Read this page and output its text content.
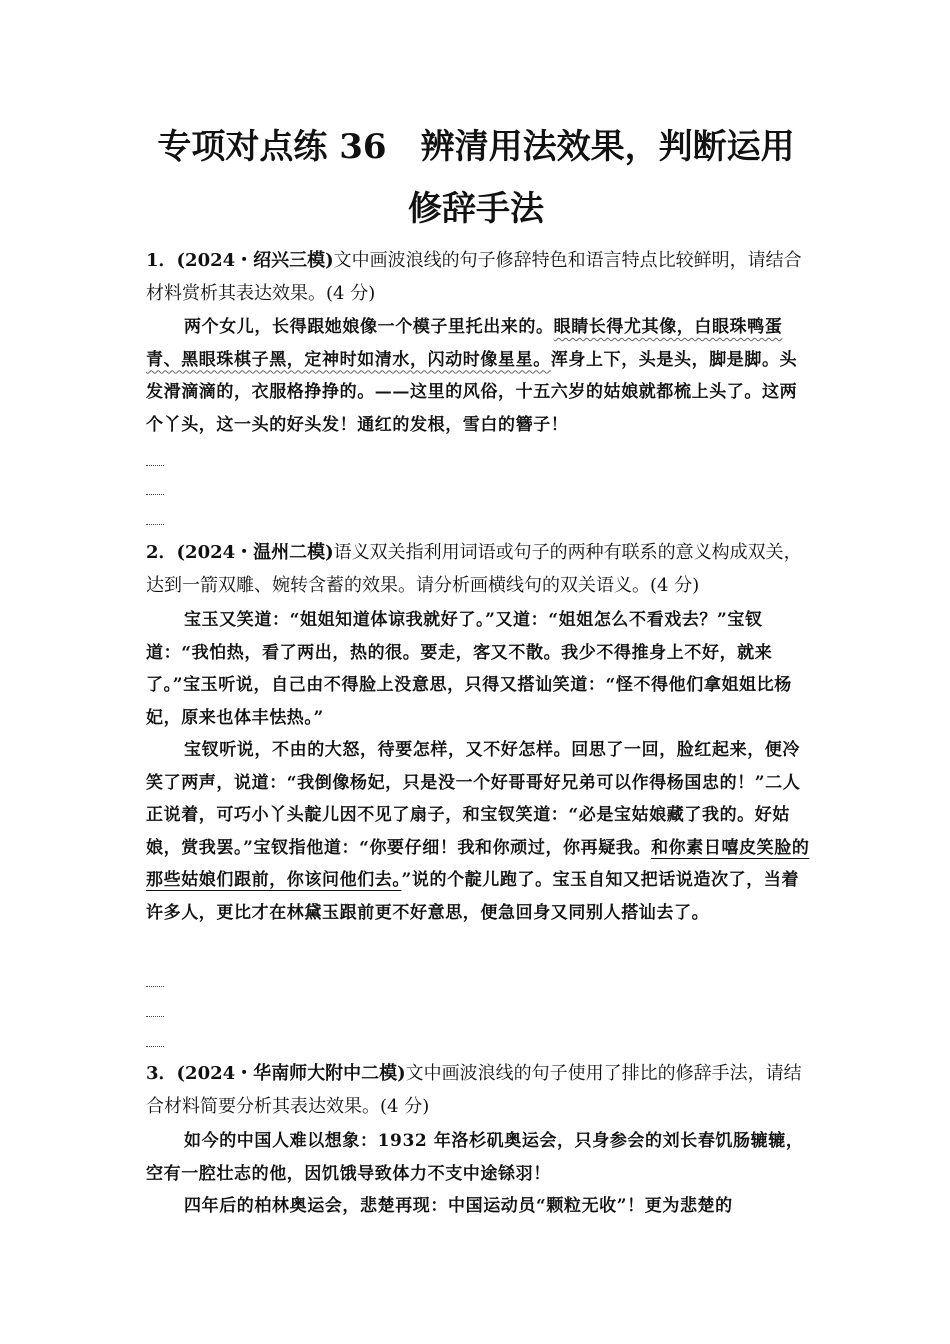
专项对点练 36　辨清用法效果，判断运用
修辞手法

1．(2024・绍兴三模)文中画波浪线的句子修辞特色和语言特点比较鲜明，请结合材料赏析其表达效果。(4 分)

两个女儿，长得跟她娘像一个模子里托出来的。眼睛长得尤其像，白眼珠鸭蛋青、黑眼珠棋子黑，定神时如清水，闪动时像星星。浑身上下，头是头，脚是脚。头发滑滴滴的，衣服格挣挣的。——这里的风俗，十五六岁的姑娘就都梳上头了。这两个丫头，这一头的好头发！通红的发根，雪白的簪子！

2．(2024・温州二模)语义双关指利用词语或句子的两种有联系的意义构成双关，达到一箭双雕、婉转含蓄的效果。请分析画横线句的双关语义。(4 分)

宝玉又笑道：“姐姐知道体谅我就好了。”又道：“姐姐怎么不看戏去？”宝钗道：“我怕热，看了两出，热的很。要走，客又不散。我少不得推身上不好，就来了。”宝玉听说，自己由不得脸上没意思，只得又搭讪笑道：“怪不得他们拿姐姐比杨妃，原来也体丰怯热。”

宝钗听说，不由的大怒，待要怎样，又不好怎样。回思了一回，脸红起来，便冷笑了两声，说道：“我倒像杨妃，只是没一个好哥哥好兄弟可以作得杨国忠的！”二人正说着，可巧小丫头靛儿因不见了扇子，和宝钗笑道：“必是宝姑娘藏了我的。好姑娘，赏我罢。”宝钗指他道：“你要仔细！我和你顽过，你再疑我。和你素日嘻皮笑脸的那些姑娘们跟前，你该问他们去。”说的个靛儿跑了。宝玉自知又把话说造次了，当着许多人，更比才在林黛玉跟前更不好意思，便急回身又同别人搭讪去了。

3．(2024・华南师大附中二模)文中画波浪线的句子使用了排比的修辞手法，请结合材料简要分析其表达效果。(4 分)

如今的中国人难以想象：1932 年洛杉矶奥运会，只身参会的刘长春饥肠辘辘，空有一腔壮志的他，因饥饿导致体力不支中途铩羽！

四年后的柏林奥运会，悲楚再现：中国运动员“颗粒无收”！更为悲楚的
